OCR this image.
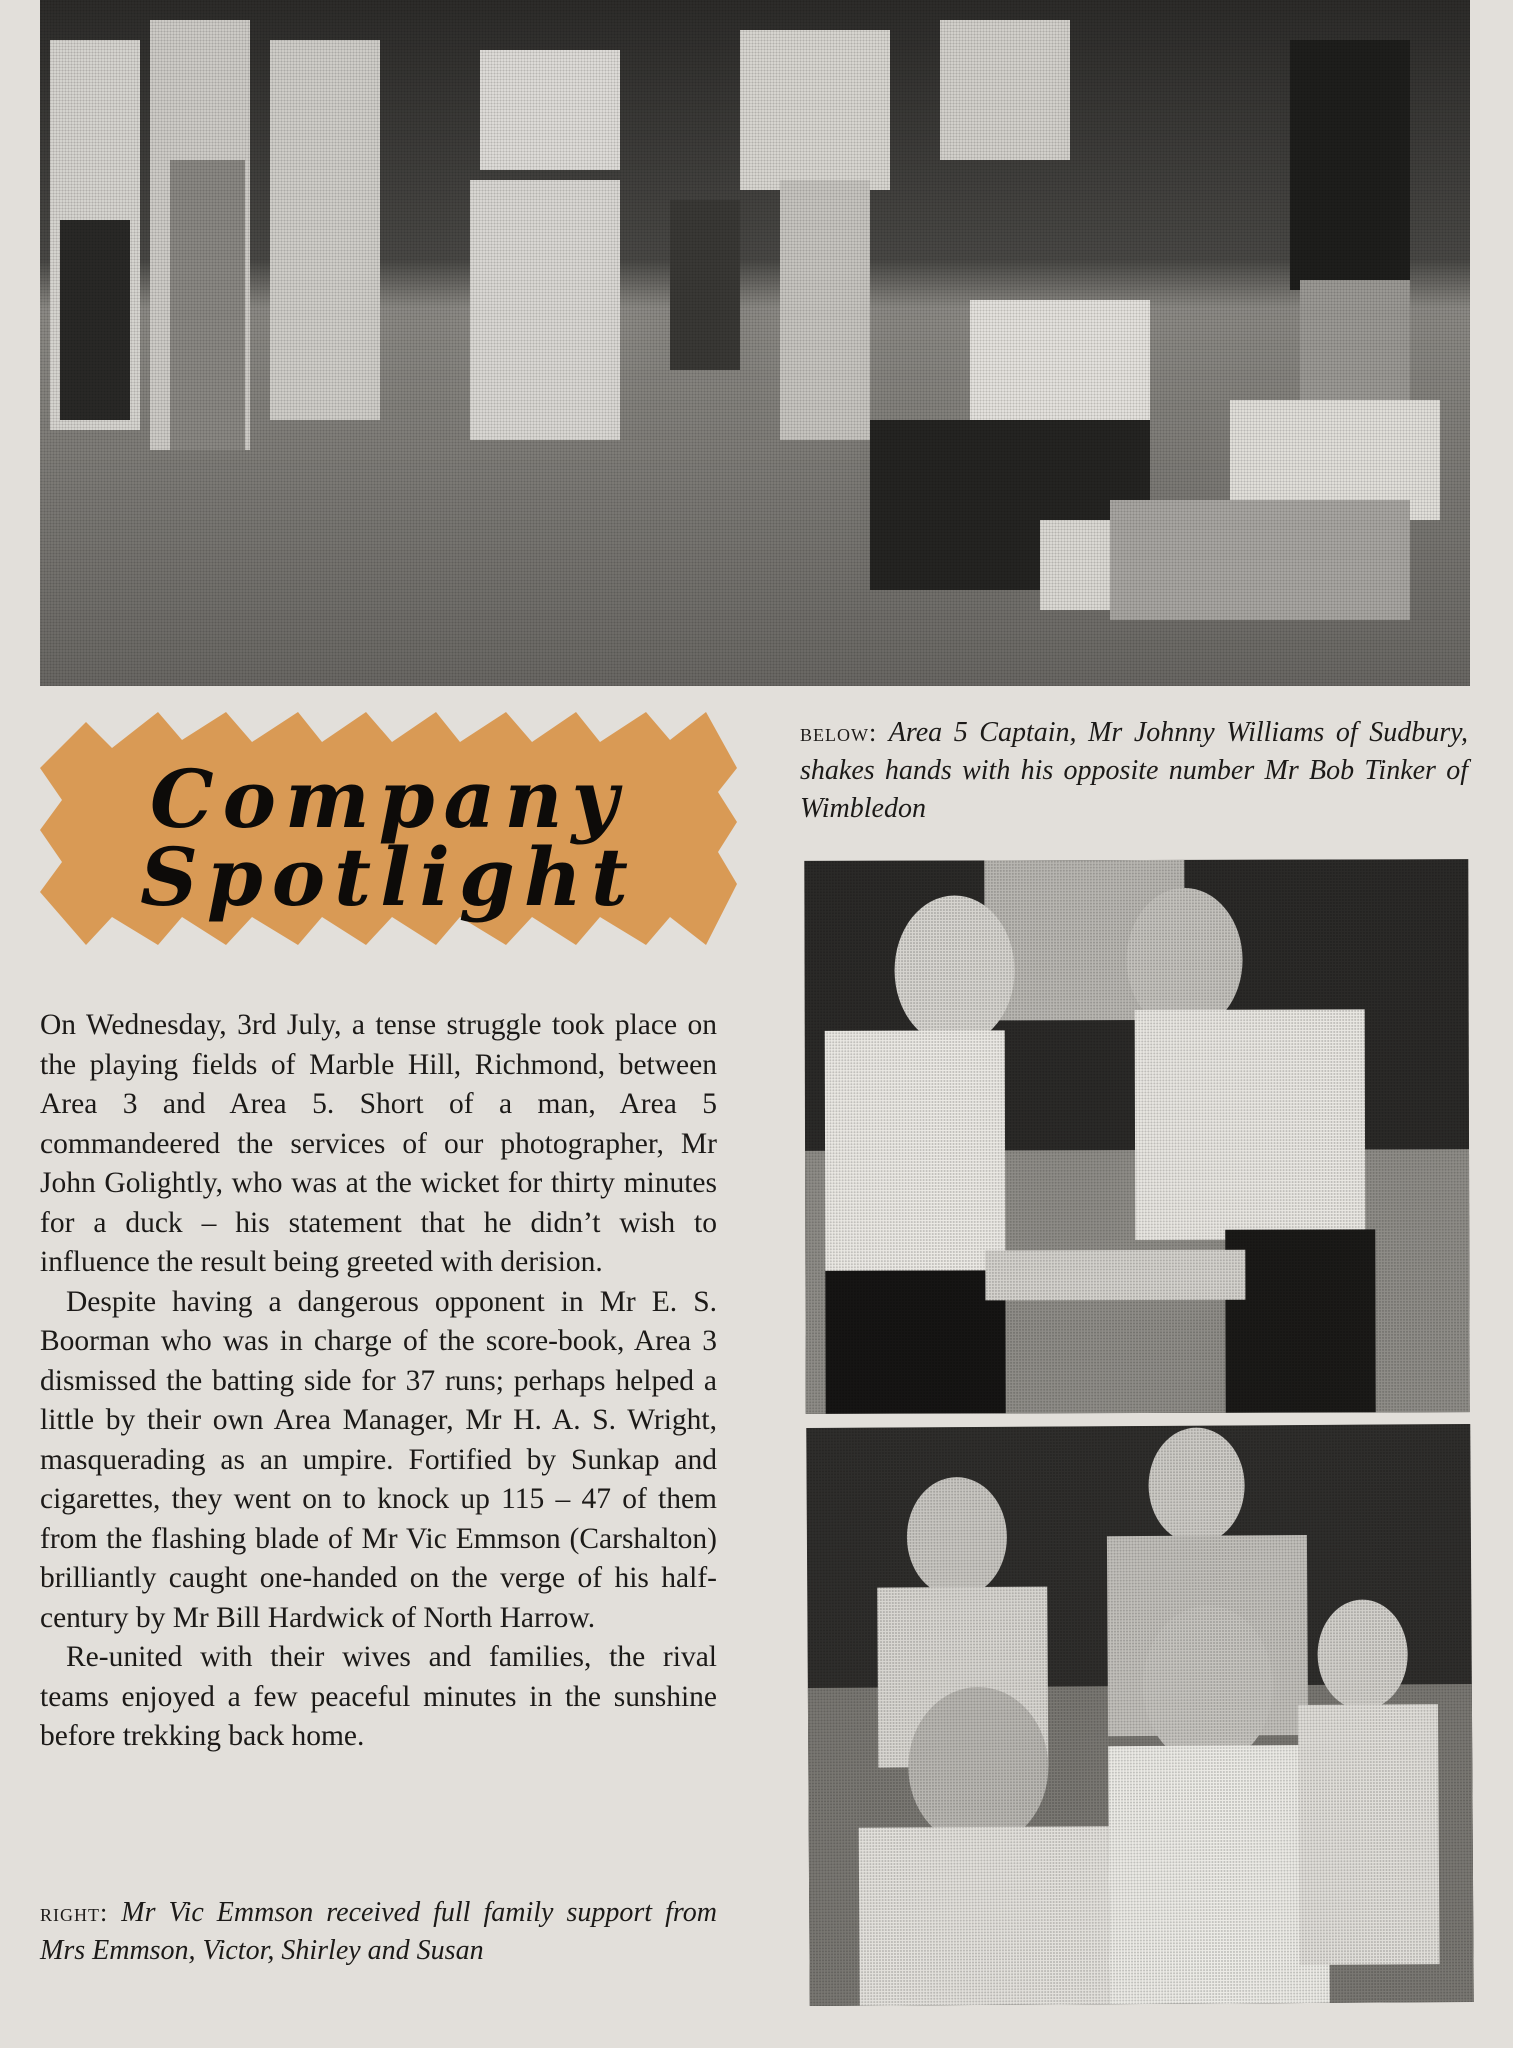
Company
Spotlight
below: Area 5 Captain, Mr Johnny Williams of Sudbury, shakes hands with his opposite number Mr Bob Tinker of Wimbledon

On Wednesday, 3rd July, a tense struggle took place on the playing fields of Marble Hill, Richmond, between Area 3 and Area 5. Short of a man, Area 5 commandeered the services of our photographer, Mr John Golightly, who was at the wicket for thirty minutes for a duck – his statement that he didn’t wish to influence the result being greeted with derision.

Despite having a dangerous opponent in Mr E. S. Boorman who was in charge of the score-book, Area 3 dismissed the batting side for 37 runs; perhaps helped a little by their own Area Manager, Mr H. A. S. Wright, masquerading as an umpire. Fortified by Sunkap and cigarettes, they went on to knock up 115 – 47 of them from the flashing blade of Mr Vic Emmson (Carshalton) brilliantly caught one-handed on the verge of his half-century by Mr Bill Hardwick of North Harrow.

Re-united with their wives and families, the rival teams enjoyed a few peaceful minutes in the sunshine before trekking back home.

right: Mr Vic Emmson received full family support from Mrs Emmson, Victor, Shirley and Susan
